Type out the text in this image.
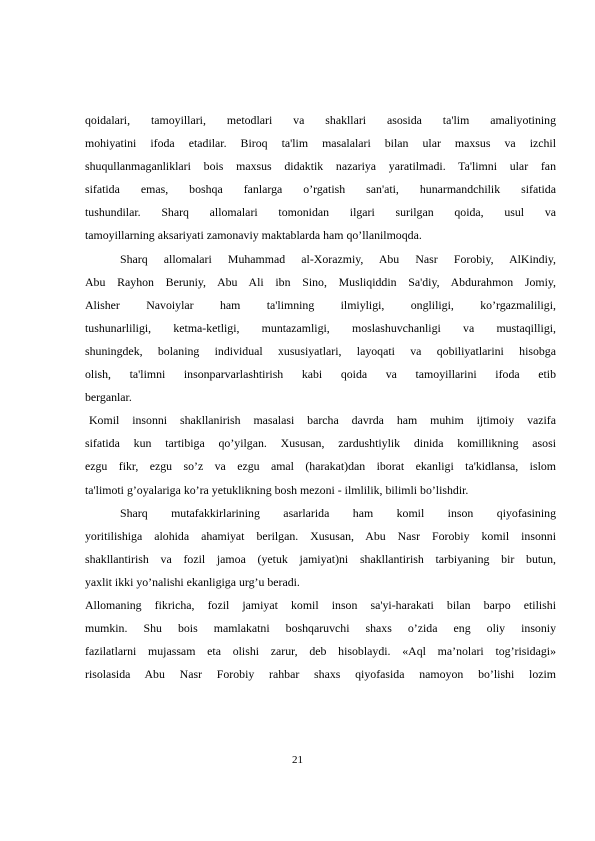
qoidalari, tamoyillari, metodlari va shakllari asosida ta'lim amaliyotining
mohiyatini ifoda etadilar. Biroq ta'lim masalalari bilan ular maxsus va izchil
shuqullanmaganliklari bois maxsus didaktik nazariya yaratilmadi. Ta'limni ular fan
sifatida emas, boshqa fanlarga o’rgatish san'ati, hunarmandchilik sifatida
tushundilar. Sharq allomalari tomonidan ilgari surilgan qoida, usul va
tamoyillarning aksariyati zamonaviy maktablarda ham qo’llanilmoqda.

Sharq allomalari Muhammad al-Xorazmiy, Abu Nasr Forobiy, AlKindiy,
Abu Rayhon Beruniy, Abu Ali ibn Sino, Musliqiddin Sa'diy, Abdurahmon Jomiy,
Alisher Navoiylar ham ta'limning ilmiyligi, ongliligi, ko’rgazmaliligi,
tushunarliligi, ketma-ketligi, muntazamligi, moslashuvchanligi va mustaqilligi,
shuningdek, bolaning individual xususiyatlari, layoqati va qobiliyatlarini hisobga
olish, ta'limni insonparvarlashtirish kabi qoida va tamoyillarini ifoda etib
berganlar.

Komil insonni shakllanirish masalasi barcha davrda ham muhim ijtimoiy vazifa
sifatida kun tartibiga qo’yilgan. Xususan, zardushtiylik dinida komillikning asosi
ezgu fikr, ezgu so’z va ezgu amal (harakat)dan iborat ekanligi ta'kidlansa, islom
ta'limoti g’oyalariga ko’ra yetuklikning bosh mezoni - ilmlilik, bilimli bo’lishdir.

Sharq mutafakkirlarining asarlarida ham komil inson qiyofasining
yoritilishiga alohida ahamiyat berilgan. Xususan, Abu Nasr Forobiy komil insonni
shakllantirish va fozil jamoa (yetuk jamiyat)ni shakllantirish tarbiyaning bir butun,
yaxlit ikki yo’nalishi ekanligiga urg’u beradi.

Allomaning fikricha, fozil jamiyat komil inson sa'yi-harakati bilan barpo etilishi
mumkin. Shu bois mamlakatni boshqaruvchi shaxs o’zida eng oliy insoniy
fazilatlarni mujassam eta olishi zarur, deb hisoblaydi. «Aql ma’nolari tog’risidagi»
risolasida Abu Nasr Forobiy rahbar shaxs qiyofasida namoyon bo’lishi lozim

21
